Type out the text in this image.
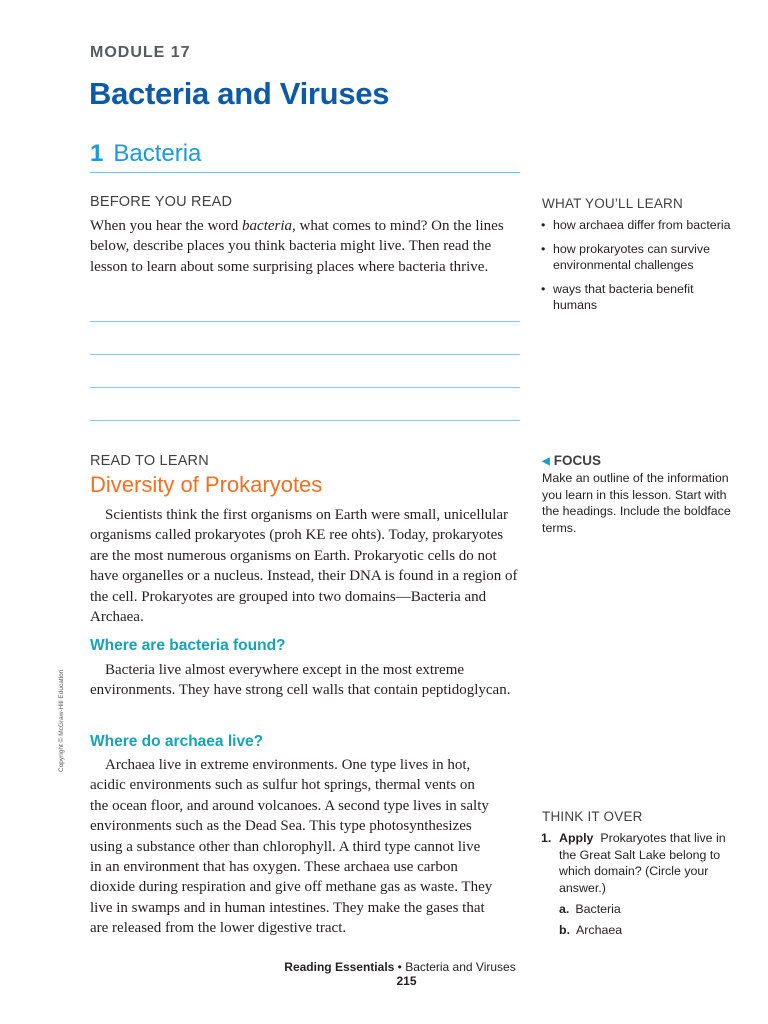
MODULE 17
Bacteria and Viruses
1 Bacteria
BEFORE YOU READ
When you hear the word bacteria, what comes to mind? On the lines below, describe places you think bacteria might live. Then read the lesson to learn about some surprising places where bacteria thrive.
WHAT YOU’LL LEARN
• how archaea differ from bacteria
• how prokaryotes can survive environmental challenges
• ways that bacteria benefit humans
READ TO LEARN
Diversity of Prokaryotes

Scientists think the first organisms on Earth were small, unicellular organisms called prokaryotes (proh KE ree ohts). Today, prokaryotes are the most numerous organisms on Earth. Prokaryotic cells do not have organelles or a nucleus. Instead, their DNA is found in a region of the cell. Prokaryotes are grouped into two domains—Bacteria and Archaea.

Where are bacteria found?

Bacteria live almost everywhere except in the most extreme environments. They have strong cell walls that contain peptidoglycan.

Where do archaea live?

Archaea live in extreme environments. One type lives in hot, acidic environments such as sulfur hot springs, thermal vents on the ocean floor, and around volcanoes. A second type lives in salty environments such as the Dead Sea. This type photosynthesizes using a substance other than chlorophyll. A third type cannot live in an environment that has oxygen. These archaea use carbon dioxide during respiration and give off methane gas as waste. They live in swamps and in human intestines. They make the gases that are released from the lower digestive tract.

◀ FOCUS
Make an outline of the information you learn in this lesson. Start with the headings. Include the boldface terms.
Copyright © McGraw-Hill Education
THINK IT OVER
1. Apply Prokaryotes that live in the Great Salt Lake belong to which domain? (Circle your answer.)
a. Bacteria
b. Archaea
Reading Essentials • Bacteria and Viruses
215
